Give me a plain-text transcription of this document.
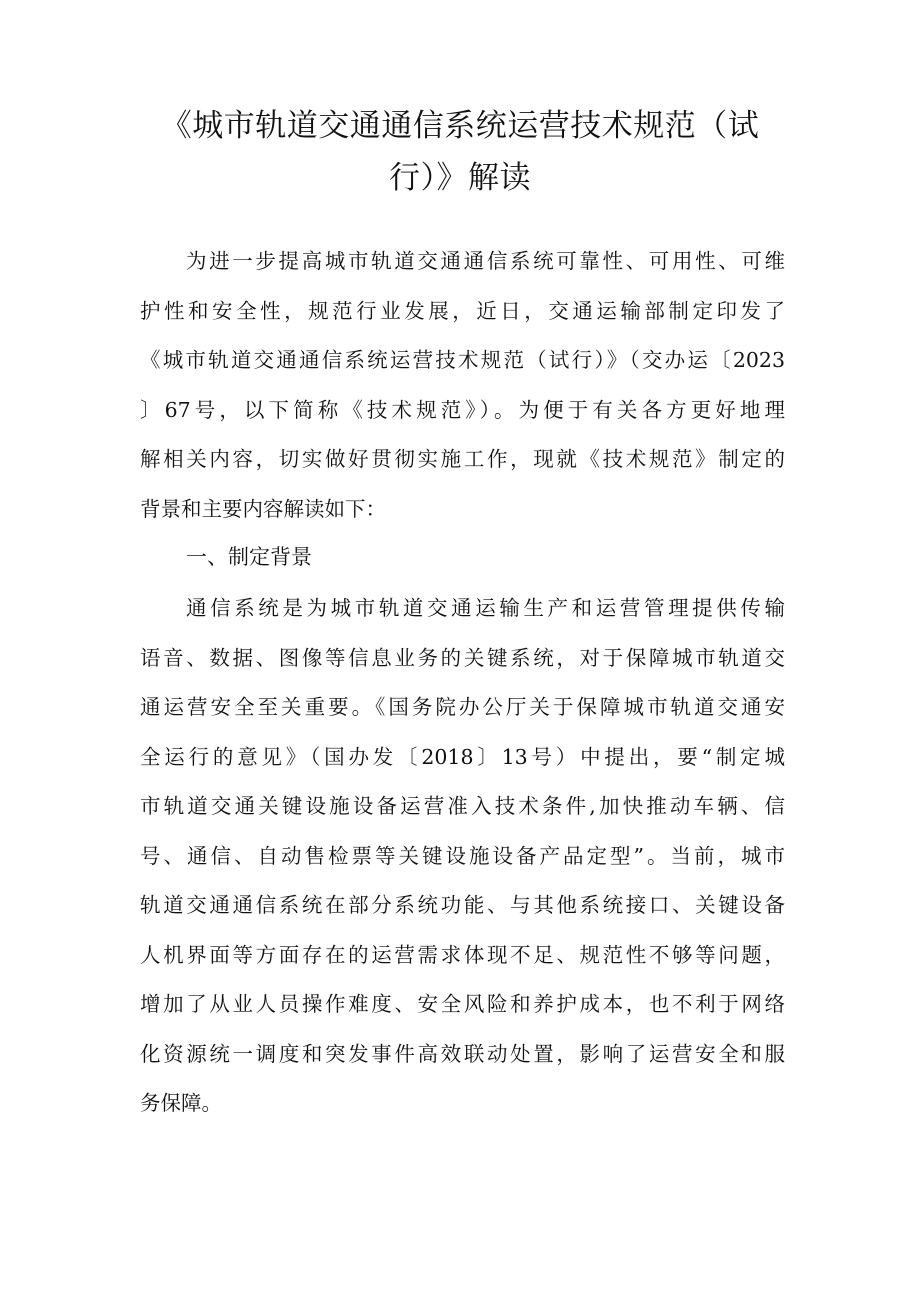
《城市轨道交通通信系统运营技术规范（试
行）》解读
为进一步提高城市轨道交通通信系统可靠性、可用性、可维
护性和安全性，规范行业发展，近日，交通运输部制定印发了
《城市轨道交通通信系统运营技术规范（试行）》（交办运〔2023
〕67号，以下简称《技术规范》）。为便于有关各方更好地理
解相关内容，切实做好贯彻实施工作，现就《技术规范》制定的
背景和主要内容解读如下：
一、制定背景
通信系统是为城市轨道交通运输生产和运营管理提供传输
语音、数据、图像等信息业务的关键系统，对于保障城市轨道交
通运营安全至关重要。《国务院办公厅关于保障城市轨道交通安
全运行的意见》（国办发〔2018〕13号）中提出，要“制定城
市轨道交通关键设施设备运营准入技术条件,加快推动车辆、信
号、通信、自动售检票等关键设施设备产品定型”。当前，城市
轨道交通通信系统在部分系统功能、与其他系统接口、关键设备
人机界面等方面存在的运营需求体现不足、规范性不够等问题，
增加了从业人员操作难度、安全风险和养护成本，也不利于网络
化资源统一调度和突发事件高效联动处置，影响了运营安全和服
务保障。
